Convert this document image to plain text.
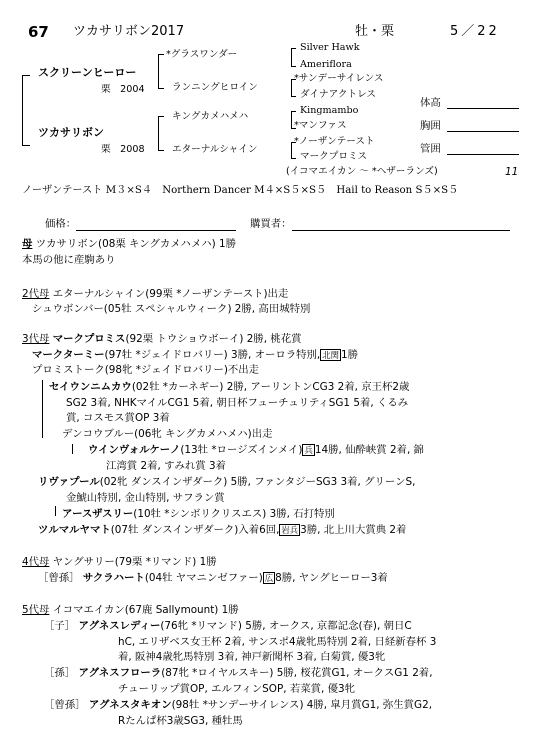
67 ツカサリボン2017	牡・栗	5／22
スクリーンヒーロー
栗　2004
ツカサリボン
栗　2008
*グラスワンダー
ランニングヒロイン
キングカメハメハ
エターナルシャイン
Silver Hawk
Ameriflora
*サンデーサイレンス
ダイナアクトレス
Kingmambo
*マンファス
*ノーザンテースト
マークプロミス
(イコマエイカン ～ *ヘザーランズ)	11
体高
胸囲
管囲
ノーザンテースト M３×S４　Northern Dancer M４×S５×S５　Hail to Reason S５×S５
価格：	購買者：
母 ツカサリボン(08栗 キングカメハメハ) 1勝
本馬の他に産駒あり
2代母 エターナルシャイン(99栗 *ノーザンテースト)出走
シュウボンバー(05牡 スペシャルウィーク) 2勝, 高田城特別
3代母 マークプロミス(92栗 トウショウボーイ) 2勝, 桃花賞
マークターミー(97牡 *ジェイドロバリー) 3勝, オーロラ特別, 北関 1勝
プロミストーク(98牝 *ジェイドロバリー)不出走
セイウンニムカウ(02牡 *カーネギー) 2勝, アーリントンCG3 2着, 京王杯2歳
SG2 3着, NHKマイルCG1 5着, 朝日杯フューチュリティSG1 5着, くるみ
賞, コスモス賞OP 3着
デンコウブルー(06牝 キングカメハメハ)出走
ウインヴォルケーノ(13牡 *ロージズインメイ) 兵 14勝, 仙酔峡賞 2着, 錦
江湾賞 2着, すみれ賞 3着
リヴァプール(02牝 ダンスインザダーク) 5勝, ファンタジーSG3 3着, グリーンS,
金鯱山特別, 金山特別, サフラン賞
アースザスリー(10牡 *シンボリクリスエス) 3勝, 石打特別
ツルマルヤマト(07牡 ダンスインザダーク)入着6回, 岩兵 3勝, 北上川大賞典 2着
4代母 ヤングサリー(79栗 *リマンド) 1勝
［曾孫］ サクラハート(04牡 ヤマニンゼファー) 広 8勝, ヤングヒーロー3着
5代母 イコマエイカン(67鹿 Sallymount) 1勝
［子］ アグネスレディー(76牝 *リマンド) 5勝, オークス, 京都記念(春), 朝日C
hC, エリザベス女王杯 2着, サンスポ4歳牝馬特別 2着, 日経新春杯 3
着, 阪神4歳牝馬特別 3着, 神戸新聞杯 3着, 白菊賞, 優3牝
［孫］ アグネスフローラ(87牝 *ロイヤルスキー) 5勝, 桜花賞G1, オークスG1 2着,
チューリップ賞OP, エルフィンSOP, 若菜賞, 優3牝
［曾孫］ アグネスタキオン(98牡 *サンデーサイレンス) 4勝, 皐月賞G1, 弥生賞G2,
Rたんぱ杯3歳SG3, 種牡馬
